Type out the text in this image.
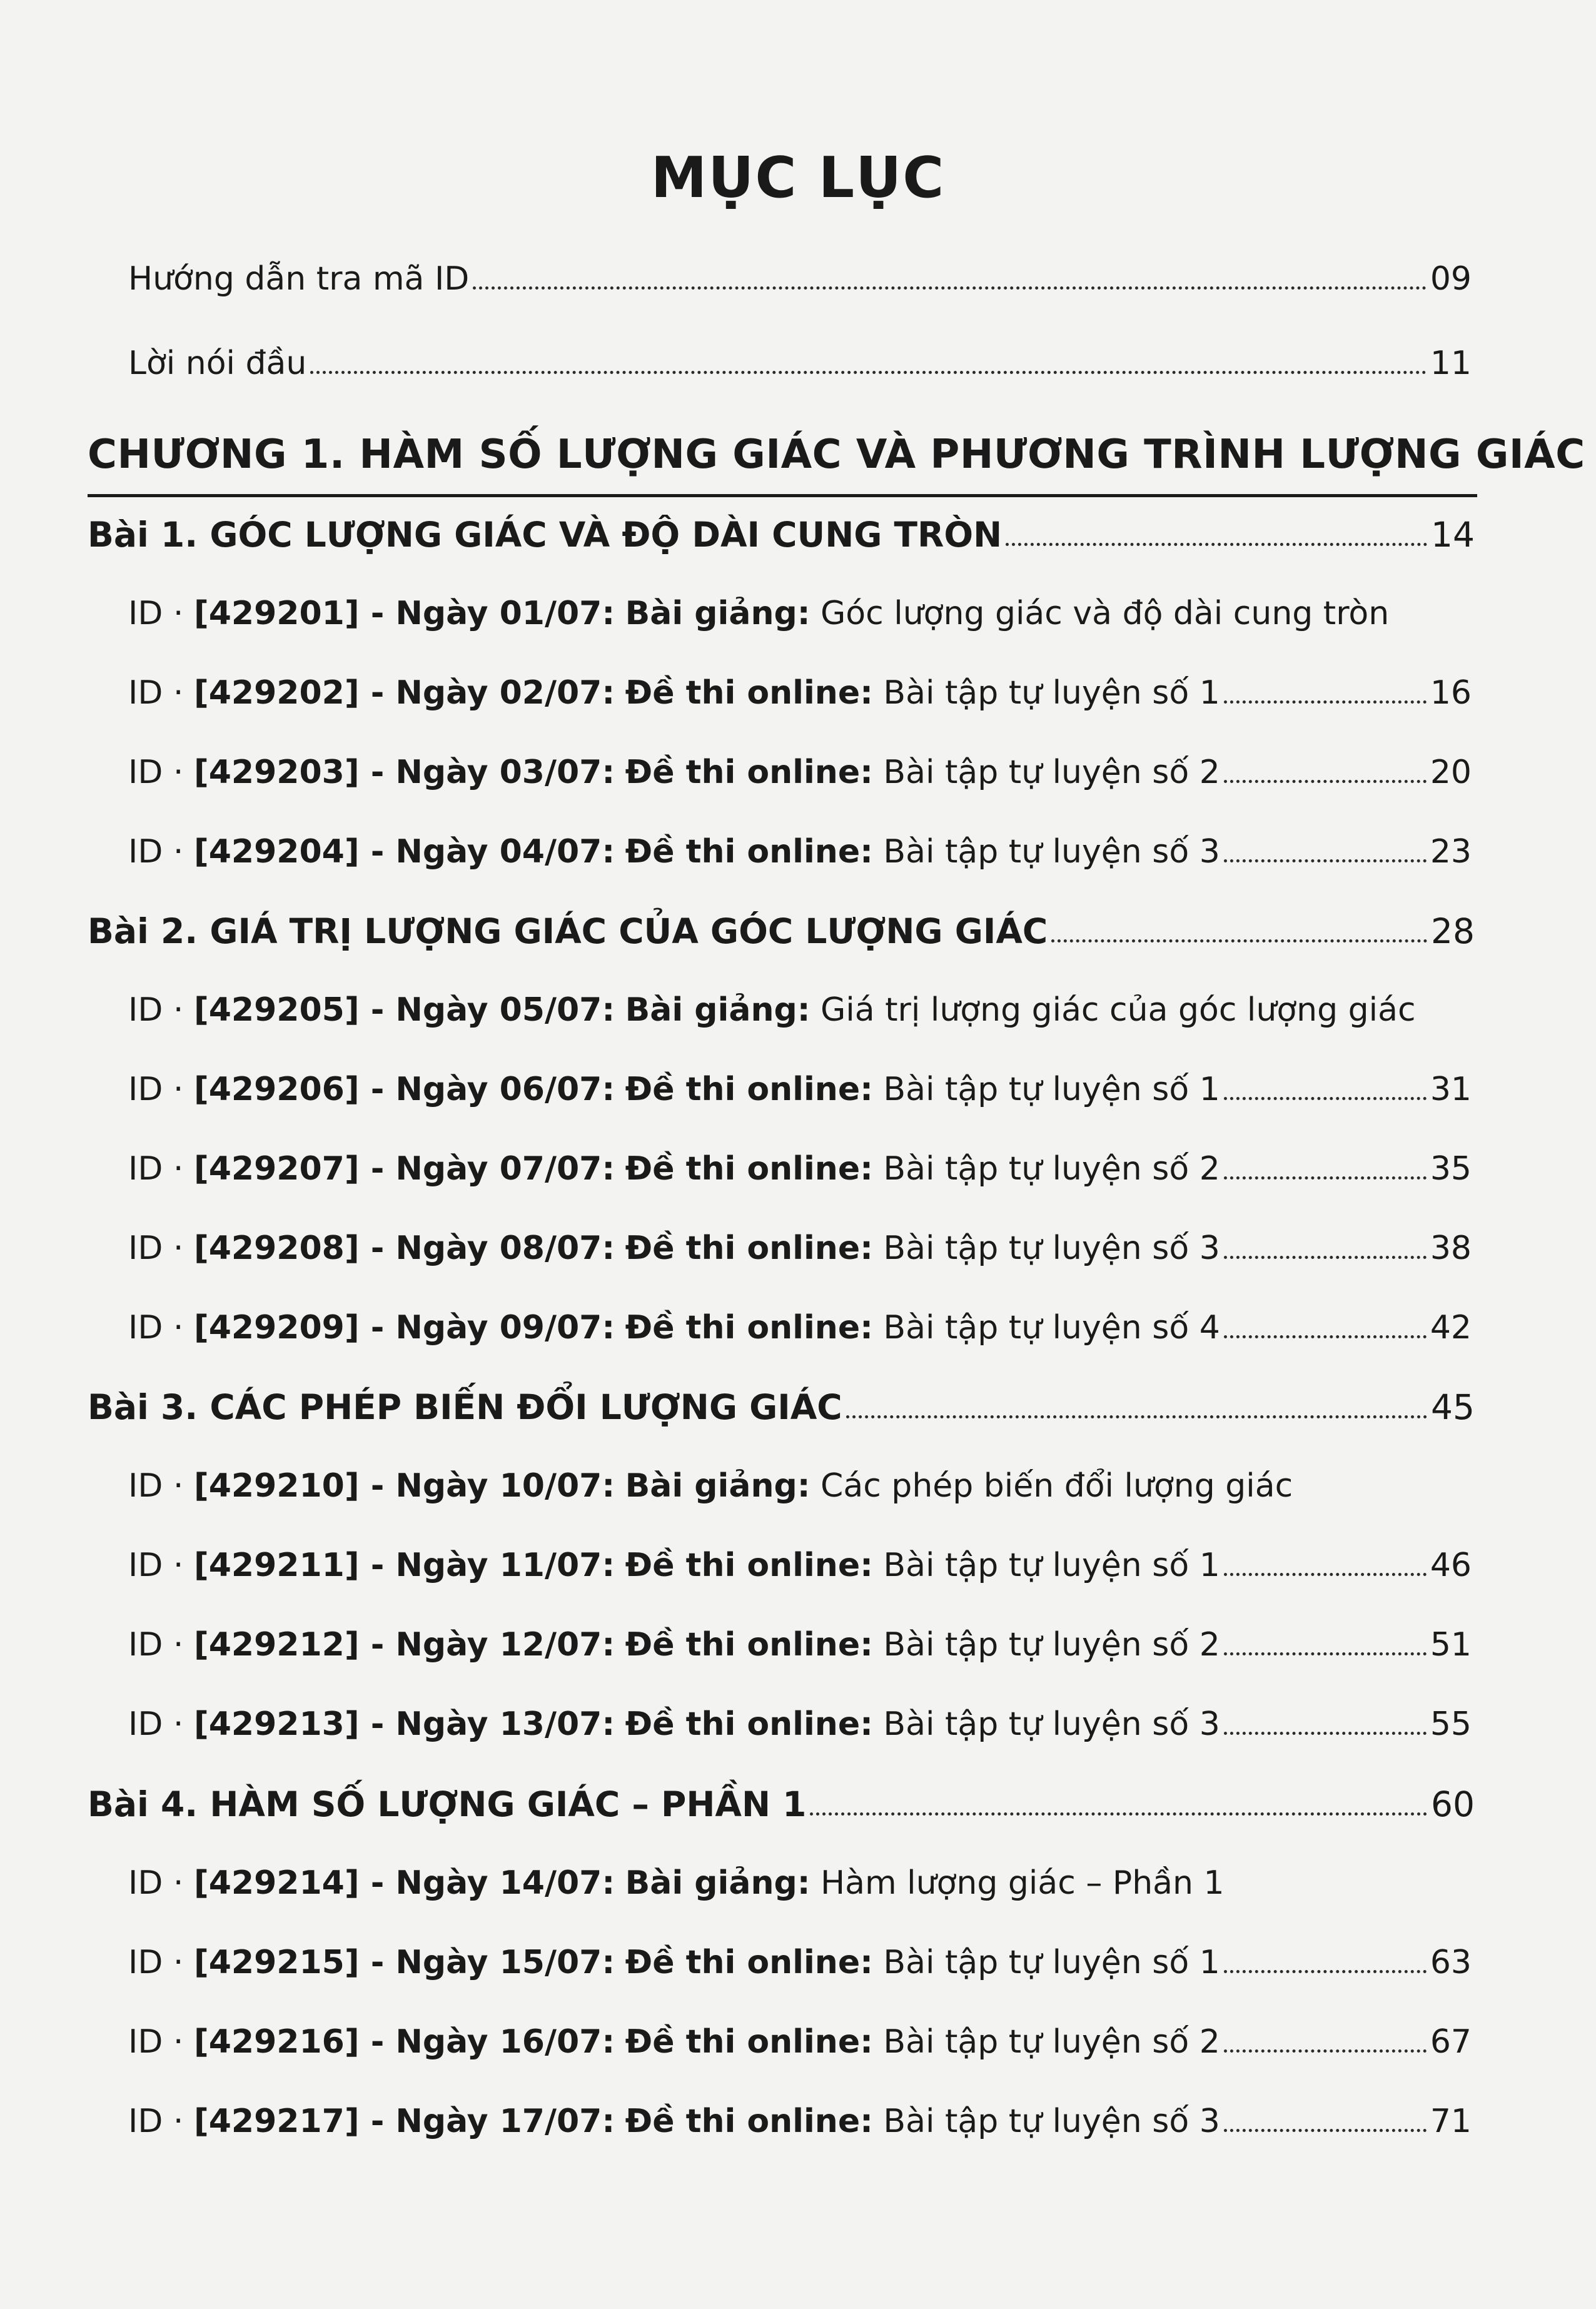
MỤC LỤC
Hướng dẫn tra mã ID	09
Lời nói đầu	11
CHƯƠNG 1. HÀM SỐ LƯỢNG GIÁC VÀ PHƯƠNG TRÌNH LƯỢNG GIÁC
Bài 1. GÓC LƯỢNG GIÁC VÀ ĐỘ DÀI CUNG TRÒN	14
ID · [429201] - Ngày 01/07: Bài giảng: Góc lượng giác và độ dài cung tròn
ID · [429202] - Ngày 02/07: Đề thi online: Bài tập tự luyện số 1	16
ID · [429203] - Ngày 03/07: Đề thi online: Bài tập tự luyện số 2	20
ID · [429204] - Ngày 04/07: Đề thi online: Bài tập tự luyện số 3	23
Bài 2. GIÁ TRỊ LƯỢNG GIÁC CỦA GÓC LƯỢNG GIÁC	28
ID · [429205] - Ngày 05/07: Bài giảng: Giá trị lượng giác của góc lượng giác
ID · [429206] - Ngày 06/07: Đề thi online: Bài tập tự luyện số 1	31
ID · [429207] - Ngày 07/07: Đề thi online: Bài tập tự luyện số 2	35
ID · [429208] - Ngày 08/07: Đề thi online: Bài tập tự luyện số 3	38
ID · [429209] - Ngày 09/07: Đề thi online: Bài tập tự luyện số 4	42
Bài 3. CÁC PHÉP BIẾN ĐỔI LƯỢNG GIÁC	45
ID · [429210] - Ngày 10/07: Bài giảng: Các phép biến đổi lượng giác
ID · [429211] - Ngày 11/07: Đề thi online: Bài tập tự luyện số 1	46
ID · [429212] - Ngày 12/07: Đề thi online: Bài tập tự luyện số 2	51
ID · [429213] - Ngày 13/07: Đề thi online: Bài tập tự luyện số 3	55
Bài 4. HÀM SỐ LƯỢNG GIÁC – PHẦN 1	60
ID · [429214] - Ngày 14/07: Bài giảng: Hàm lượng giác – Phần 1
ID · [429215] - Ngày 15/07: Đề thi online: Bài tập tự luyện số 1	63
ID · [429216] - Ngày 16/07: Đề thi online: Bài tập tự luyện số 2	67
ID · [429217] - Ngày 17/07: Đề thi online: Bài tập tự luyện số 3	71
